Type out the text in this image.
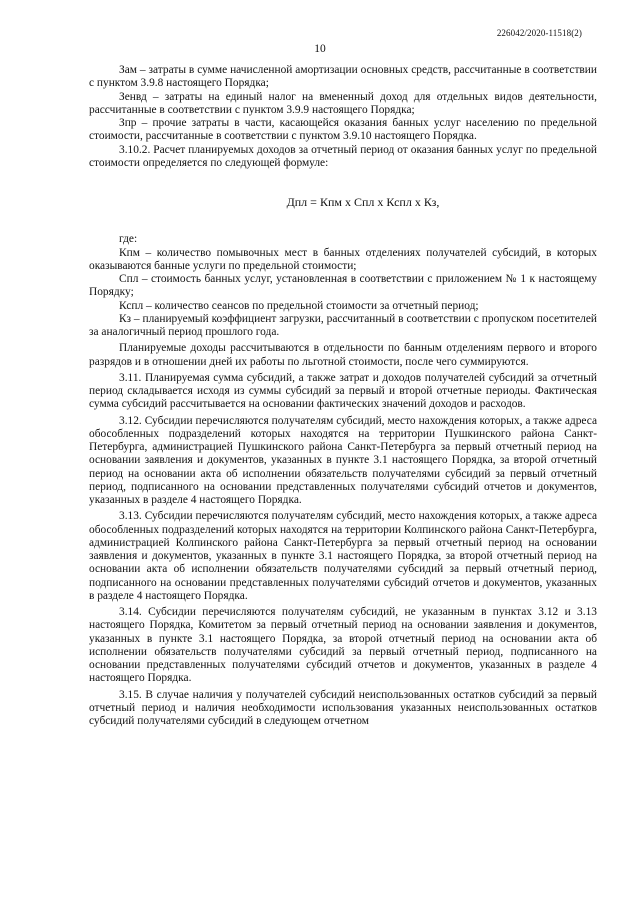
226042/2020-11518(2)
10

Зам – затраты в сумме начисленной амортизации основных средств, рассчитанные в соответствии с пунктом 3.9.8 настоящего Порядка;

Зенвд – затраты на единый налог на вмененный доход для отдельных видов деятельности, рассчитанные в соответствии с пунктом 3.9.9 настоящего Порядка;

Зпр – прочие затраты в части, касающейся оказания банных услуг населению по предельной стоимости, рассчитанные в соответствии с пунктом 3.9.10 настоящего Порядка.

3.10.2. Расчет планируемых доходов за отчетный период от оказания банных услуг по предельной стоимости определяется по следующей формуле:

Дпл = Кпм x Спл x Кспл x Кз,

где:

Кпм – количество помывочных мест в банных отделениях получателей субсидий, в которых оказываются банные услуги по предельной стоимости;

Спл – стоимость банных услуг, установленная в соответствии с приложением № 1 к настоящему Порядку;

Кспл – количество сеансов по предельной стоимости за отчетный период;

Кз – планируемый коэффициент загрузки, рассчитанный в соответствии с пропуском посетителей за аналогичный период прошлого года.

Планируемые доходы рассчитываются в отдельности по банным отделениям первого и второго разрядов и в отношении дней их работы по льготной стоимости, после чего суммируются.

3.11. Планируемая сумма субсидий, а также затрат и доходов получателей субсидий за отчетный период складывается исходя из суммы субсидий за первый и второй отчетные периоды. Фактическая сумма субсидий рассчитывается на основании фактических значений доходов и расходов.

3.12. Субсидии перечисляются получателям субсидий, место нахождения которых, а также адреса обособленных подразделений которых находятся на территории Пушкинского района Санкт-Петербурга, администрацией Пушкинского района Санкт-Петербурга за первый отчетный период на основании заявления и документов, указанных в пункте 3.1 настоящего Порядка, за второй отчетный период на основании акта об исполнении обязательств получателями субсидий за первый отчетный период, подписанного на основании представленных получателями субсидий отчетов и документов, указанных в разделе 4 настоящего Порядка.

3.13. Субсидии перечисляются получателям субсидий, место нахождения которых, а также адреса обособленных подразделений которых находятся на территории Колпинского района Санкт-Петербурга, администрацией Колпинского района Санкт-Петербурга за первый отчетный период на основании заявления и документов, указанных в пункте 3.1 настоящего Порядка, за второй отчетный период на основании акта об исполнении обязательств получателями субсидий за первый отчетный период, подписанного на основании представленных получателями субсидий отчетов и документов, указанных в разделе 4 настоящего Порядка.

3.14. Субсидии перечисляются получателям субсидий, не указанным в пунктах 3.12 и 3.13 настоящего Порядка, Комитетом за первый отчетный период на основании заявления и документов, указанных в пункте 3.1 настоящего Порядка, за второй отчетный период на основании акта об исполнении обязательств получателями субсидий за первый отчетный период, подписанного на основании представленных получателями субсидий отчетов и документов, указанных в разделе 4 настоящего Порядка.

3.15. В случае наличия у получателей субсидий неиспользованных остатков субсидий за первый отчетный период и наличия необходимости использования указанных неиспользованных остатков субсидий получателями субсидий в следующем отчетном
